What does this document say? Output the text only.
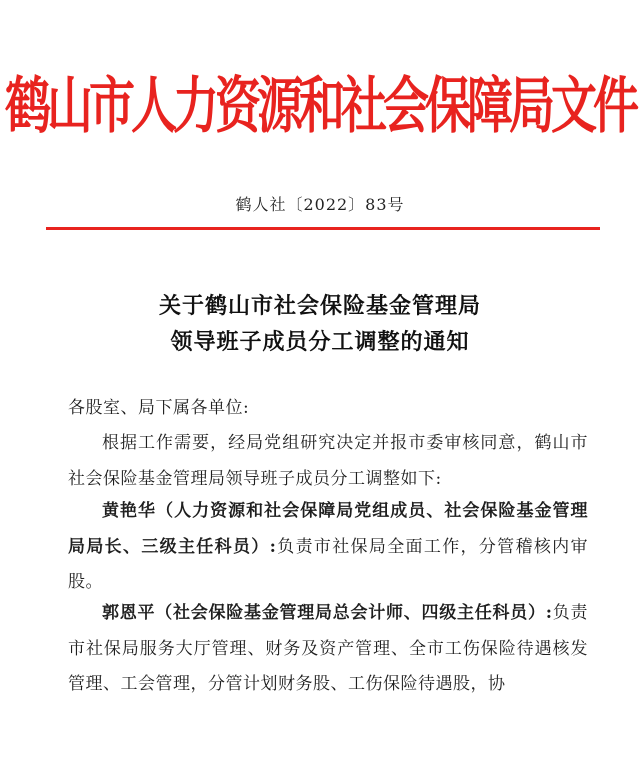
鹤山市人力资源和社会保障局文件
鹤人社〔2022〕83号
关于鹤山市社会保险基金管理局
领导班子成员分工调整的通知
各股室、局下属各单位:
根据工作需要，经局党组研究决定并报市委审核同意，鹤山市社会保险基金管理局领导班子成员分工调整如下:
黄艳华（人力资源和社会保障局党组成员、社会保险基金管理局局长、三级主任科员）:负责市社保局全面工作，分管稽核内审股。
郭恩平（社会保险基金管理局总会计师、四级主任科员）:负责市社保局服务大厅管理、财务及资产管理、全市工伤保险待遇核发管理、工会管理，分管计划财务股、工伤保险待遇股，协
